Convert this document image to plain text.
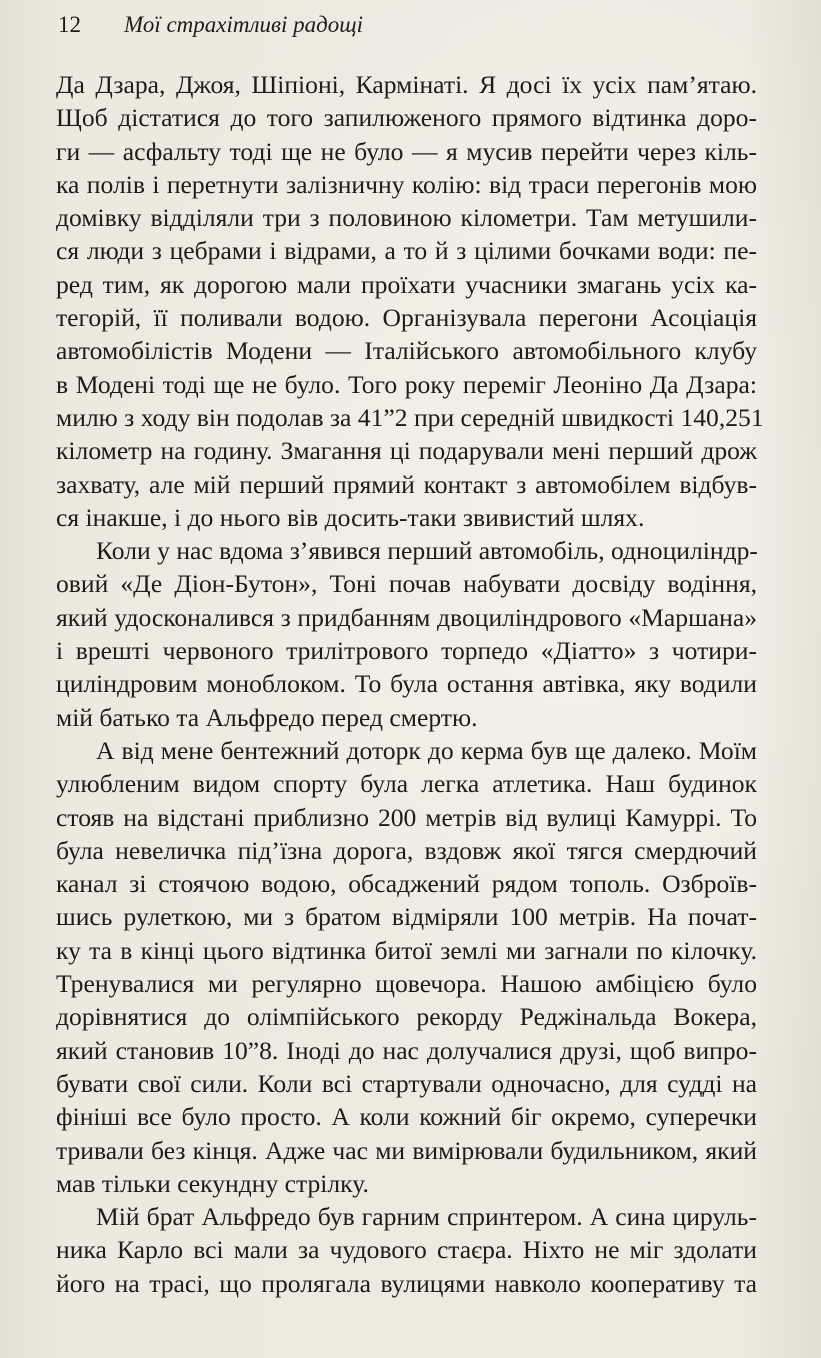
12	Мої страхітливі радощі
Да Дзара, Джоя, Шіпіоні, Кармінаті. Я досі їх усіх пам’ятаю.
Щоб дістатися до того запилюженого прямого відтинка доро-
ги — асфальту тоді ще не було — я мусив перейти через кіль-
ка полів і перетнути залізничну колію: від траси перегонів мою
домівку відділяли три з половиною кілометри. Там метушили-
ся люди з цебрами і відрами, а то й з цілими бочками води: пе-
ред тим, як дорогою мали проїхати учасники змагань усіх ка-
тегорій, її поливали водою. Організувала перегони Асоціація
автомобілістів Модени — Італійського автомобільного клубу
в Модені тоді ще не було. Того року переміг Леоніно Да Дзара:
милю з ходу він подолав за 41”2 при середній швидкості 140,251
кілометр на годину. Змагання ці подарували мені перший дрож
захвату, але мій перший прямий контакт з автомобілем відбув-
ся інакше, і до нього вів досить-таки звивистий шлях.
Коли у нас вдома з’явився перший автомобіль, одноциліндр-
овий «Де Діон-Бутон», Тоні почав набувати досвіду водіння,
який удосконалився з придбанням двоциліндрового «Маршана»
і врешті червоного трилітрового торпедо «Діатто» з чотири-
циліндровим моноблоком. То була остання автівка, яку водили
мій батько та Альфредо перед смертю.
А від мене бентежний доторк до керма був ще далеко. Моїм
улюбленим видом спорту була легка атлетика. Наш будинок
стояв на відстані приблизно 200 метрів від вулиці Камуррі. То
була невеличка під’їзна дорога, вздовж якої тягся смердючий
канал зі стоячою водою, обсаджений рядом тополь. Озброїв-
шись рулеткою, ми з братом відміряли 100 метрів. На почат-
ку та в кінці цього відтинка битої землі ми загнали по кілочку.
Тренувалися ми регулярно щовечора. Нашою амбіцією було
дорівнятися до олімпійського рекорду Реджінальда Вокера,
який становив 10”8. Іноді до нас долучалися друзі, щоб випро-
бувати свої сили. Коли всі стартували одночасно, для судді на
фініші все було просто. А коли кожний біг окремо, суперечки
тривали без кінця. Адже час ми вимірювали будильником, який
мав тільки секундну стрілку.
Мій брат Альфредо був гарним спринтером. А сина цируль-
ника Карло всі мали за чудового стаєра. Ніхто не міг здолати
його на трасі, що пролягала вулицями навколо кооперативу та
